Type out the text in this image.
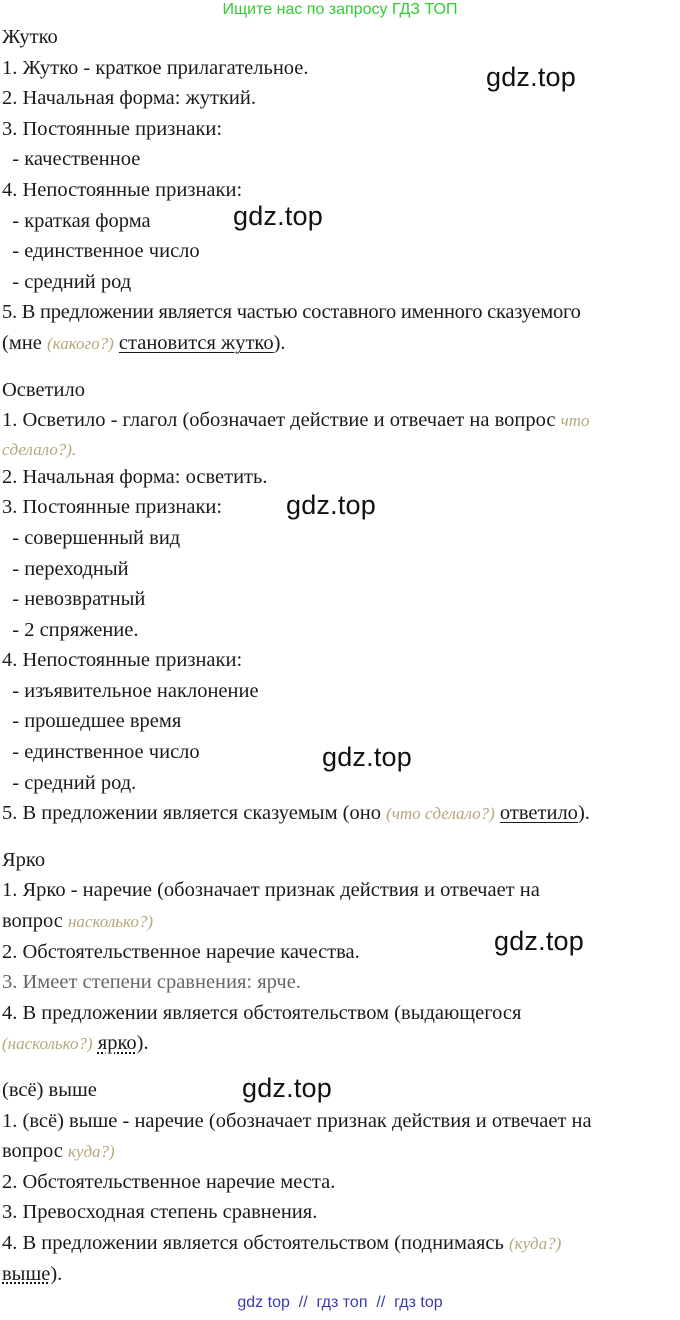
Ищите нас по запросу ГДЗ ТОП
Жутко
1. Жутко - краткое прилагательное.
2. Начальная форма: жуткий.
3. Постоянные признаки:
- качественное
4. Непостоянные признаки:
- краткая форма
- единственное число
- средний род
5. В предложении является частью составного именного сказуемого
(мне (какого?) становится жутко).
Осветило
1. Осветило - глагол (обозначает действие и отвечает на вопрос что
сделало?).
2. Начальная форма: осветить.
3. Постоянные признаки:
- совершенный вид
- переходный
- невозвратный
- 2 спряжение.
4. Непостоянные признаки:
- изъявительное наклонение
- прошедшее время
- единственное число
- средний род.
5. В предложении является сказуемым (оно (что сделало?) ответило).
Ярко
1. Ярко - наречие (обозначает признак действия и отвечает на
вопрос насколько?)
2. Обстоятельственное наречие качества.
3. Имеет степени сравнения: ярче.
4. В предложении является обстоятельством (выдающегося
(насколько?) ярко).
(всё) выше
1. (всё) выше - наречие (обозначает признак действия и отвечает на
вопрос куда?)
2. Обстоятельственное наречие места.
3. Превосходная степень сравнения.
4. В предложении является обстоятельством (поднимаясь (куда?)
выше).
gdz.top
gdz.top
gdz.top
gdz.top
gdz.top
gdz.top
gdz top  //  гдз топ  //  гдз top
